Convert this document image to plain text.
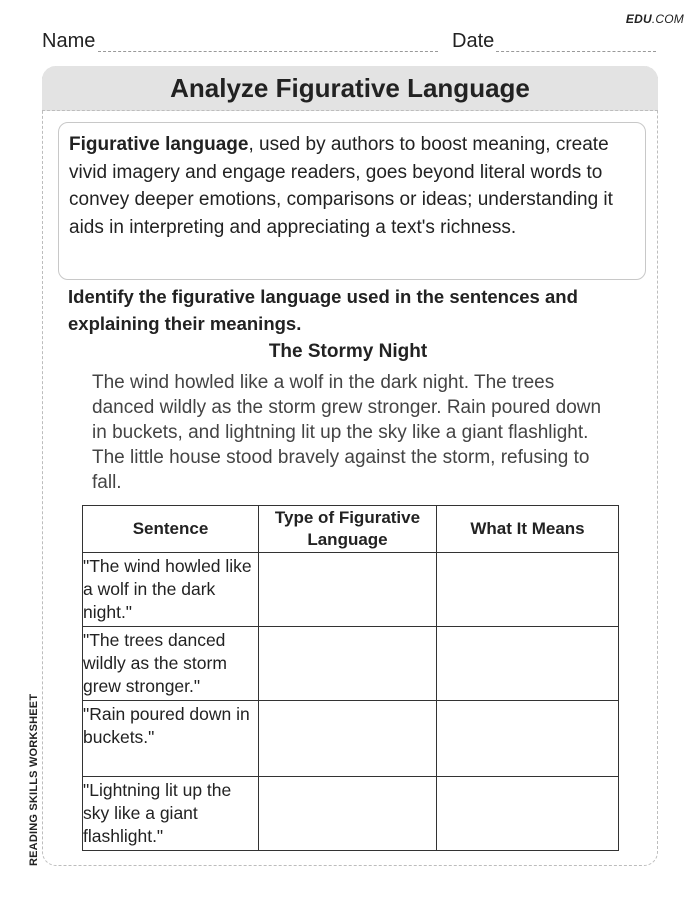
EDU.COM
Name	Date
Analyze Figurative Language
Figurative language, used by authors to boost meaning, create vivid imagery and engage readers, goes beyond literal words to convey deeper emotions, comparisons or ideas; understanding it aids in interpreting and appreciating a text's richness.
Identify the figurative language used in the sentences and explaining their meanings.
The Stormy Night
The wind howled like a wolf in the dark night. The trees danced wildly as the storm grew stronger. Rain poured down in buckets, and lightning lit up the sky like a giant flashlight. The little house stood bravely against the storm, refusing to fall.
Sentence	Type of Figurative Language	What It Means
"The wind howled like a wolf in the dark night."		
"The trees danced wildly as the storm grew stronger."		
"Rain poured down in buckets."		
"Lightning lit up the sky like a giant flashlight."		
READING SKILLS WORKSHEET
